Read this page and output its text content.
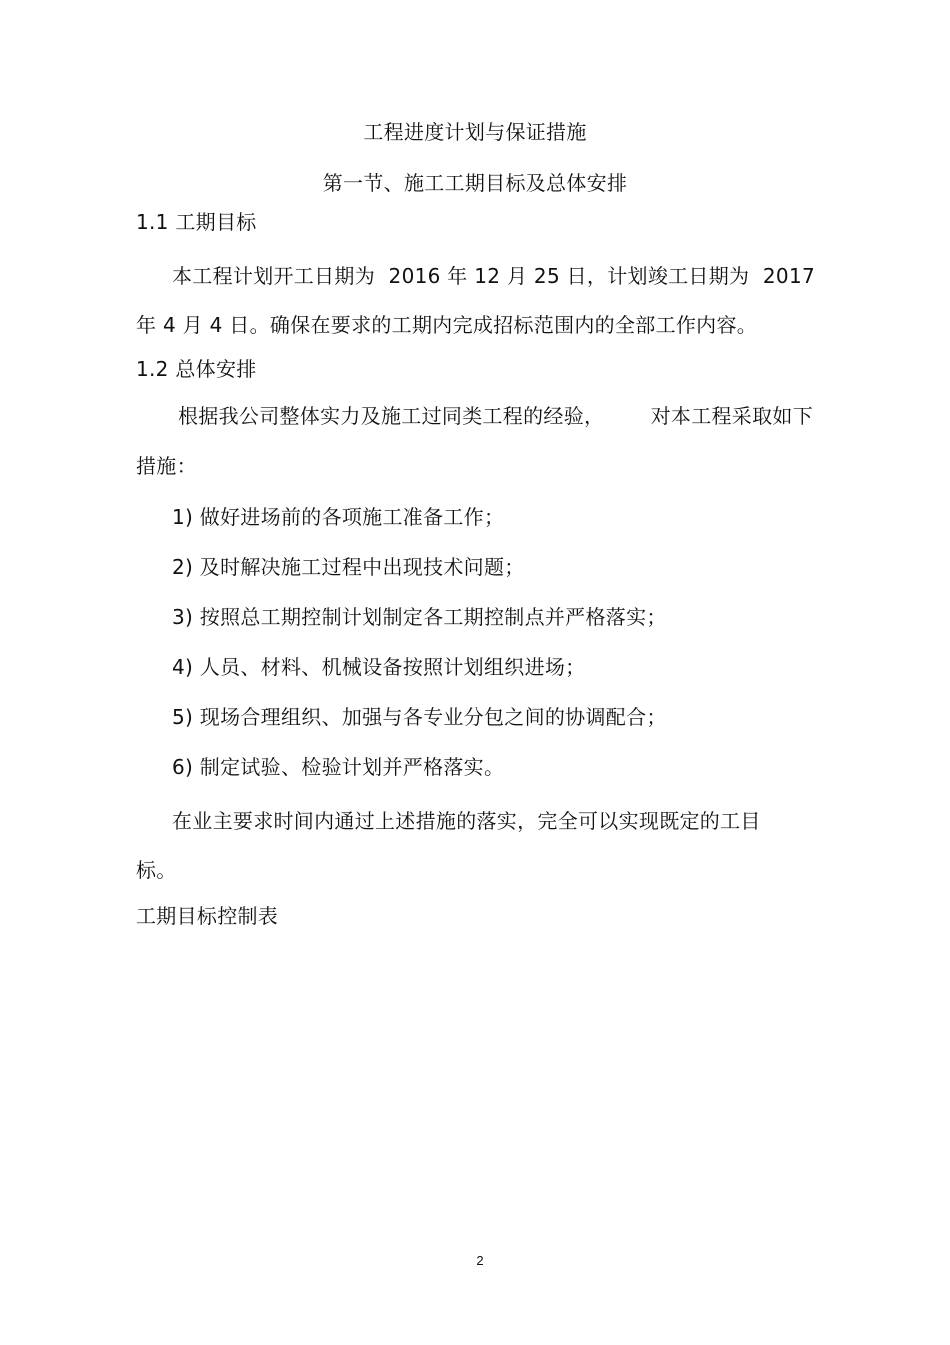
工程进度计划与保证措施
第一节、施工工期目标及总体安排
1.1 工期目标
本工程计划开工日期为 2016 年 12 月 25 日，计划竣工日期为 2017
年 4 月 4 日。确保在要求的工期内完成招标范围内的全部工作内容。
1.2 总体安排
根据我公司整体实力及施工过同类工程的经验， 对本工程采取如下
措施：
1) 做好进场前的各项施工准备工作；
2) 及时解决施工过程中出现技术问题；
3) 按照总工期控制计划制定各工期控制点并严格落实；
4) 人员、材料、机械设备按照计划组织进场；
5) 现场合理组织、加强与各专业分包之间的协调配合；
6) 制定试验、检验计划并严格落实。
在业主要求时间内通过上述措施的落实，完全可以实现既定的工目
标。
工期目标控制表
2
